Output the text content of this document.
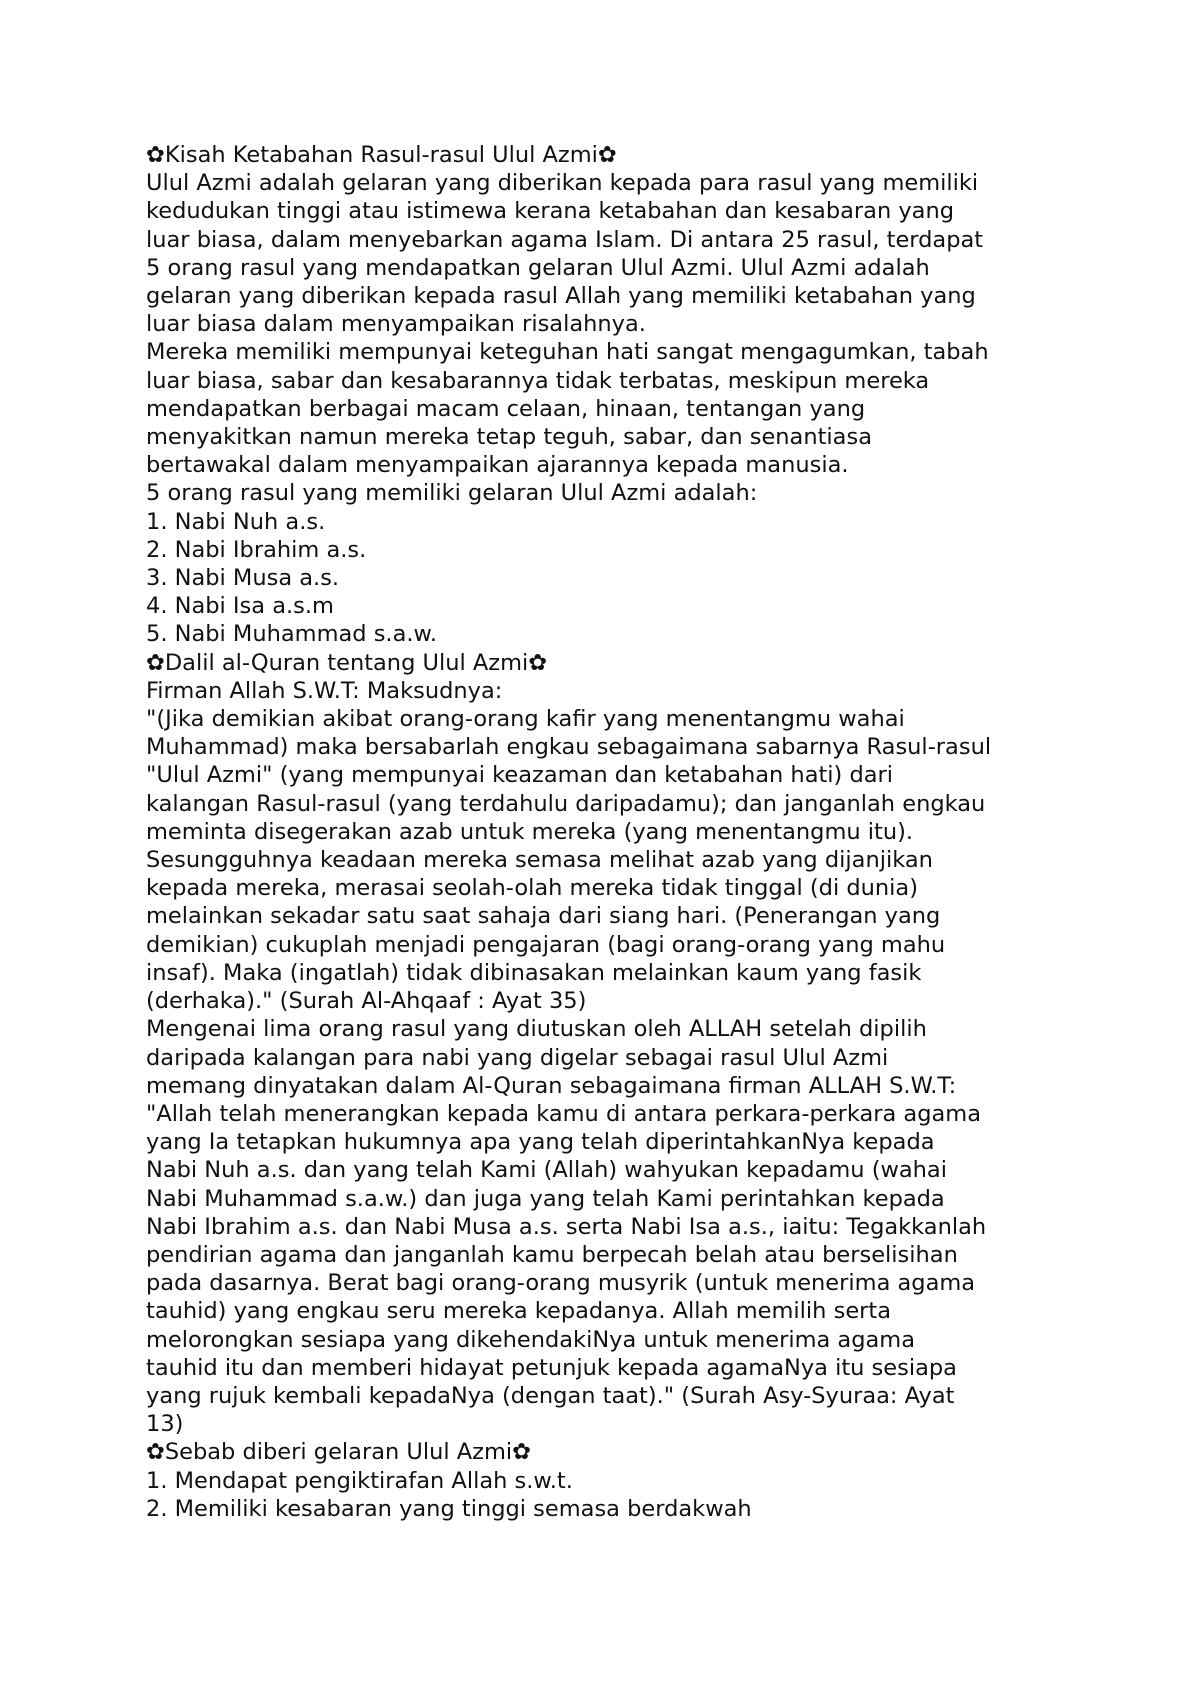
✿Kisah Ketabahan Rasul-rasul Ulul Azmi✿
Ulul Azmi adalah gelaran yang diberikan kepada para rasul yang memiliki
kedudukan tinggi atau istimewa kerana ketabahan dan kesabaran yang
luar biasa, dalam menyebarkan agama Islam. Di antara 25 rasul, terdapat
5 orang rasul yang mendapatkan gelaran Ulul Azmi. Ulul Azmi adalah
gelaran yang diberikan kepada rasul Allah yang memiliki ketabahan yang
luar biasa dalam menyampaikan risalahnya.
Mereka memiliki mempunyai keteguhan hati sangat mengagumkan, tabah
luar biasa, sabar dan kesabarannya tidak terbatas, meskipun mereka
mendapatkan berbagai macam celaan, hinaan, tentangan yang
menyakitkan namun mereka tetap teguh, sabar, dan senantiasa
bertawakal dalam menyampaikan ajarannya kepada manusia.
5 orang rasul yang memiliki gelaran Ulul Azmi adalah:
1. Nabi Nuh a.s.
2. Nabi Ibrahim a.s.
3. Nabi Musa a.s.
4. Nabi Isa a.s.m
5. Nabi Muhammad s.a.w.
✿Dalil al-Quran tentang Ulul Azmi✿
Firman Allah S.W.T: Maksudnya:
"(Jika demikian akibat orang-orang kafir yang menentangmu wahai
Muhammad) maka bersabarlah engkau sebagaimana sabarnya Rasul-rasul
"Ulul Azmi" (yang mempunyai keazaman dan ketabahan hati) dari
kalangan Rasul-rasul (yang terdahulu daripadamu); dan janganlah engkau
meminta disegerakan azab untuk mereka (yang menentangmu itu).
Sesungguhnya keadaan mereka semasa melihat azab yang dijanjikan
kepada mereka, merasai seolah-olah mereka tidak tinggal (di dunia)
melainkan sekadar satu saat sahaja dari siang hari. (Penerangan yang
demikian) cukuplah menjadi pengajaran (bagi orang-orang yang mahu
insaf). Maka (ingatlah) tidak dibinasakan melainkan kaum yang fasik
(derhaka)." (Surah Al-Ahqaaf : Ayat 35)
Mengenai lima orang rasul yang diutuskan oleh ALLAH setelah dipilih
daripada kalangan para nabi yang digelar sebagai rasul Ulul Azmi
memang dinyatakan dalam Al-Quran sebagaimana firman ALLAH S.W.T:
"Allah telah menerangkan kepada kamu di antara perkara-perkara agama
yang Ia tetapkan hukumnya apa yang telah diperintahkanNya kepada
Nabi Nuh a.s. dan yang telah Kami (Allah) wahyukan kepadamu (wahai
Nabi Muhammad s.a.w.) dan juga yang telah Kami perintahkan kepada
Nabi Ibrahim a.s. dan Nabi Musa a.s. serta Nabi Isa a.s., iaitu: Tegakkanlah
pendirian agama dan janganlah kamu berpecah belah atau berselisihan
pada dasarnya. Berat bagi orang-orang musyrik (untuk menerima agama
tauhid) yang engkau seru mereka kepadanya. Allah memilih serta
melorongkan sesiapa yang dikehendakiNya untuk menerima agama
tauhid itu dan memberi hidayat petunjuk kepada agamaNya itu sesiapa
yang rujuk kembali kepadaNya (dengan taat)." (Surah Asy-Syuraa: Ayat
13)
✿Sebab diberi gelaran Ulul Azmi✿
1. Mendapat pengiktirafan Allah s.w.t.
2. Memiliki kesabaran yang tinggi semasa berdakwah
